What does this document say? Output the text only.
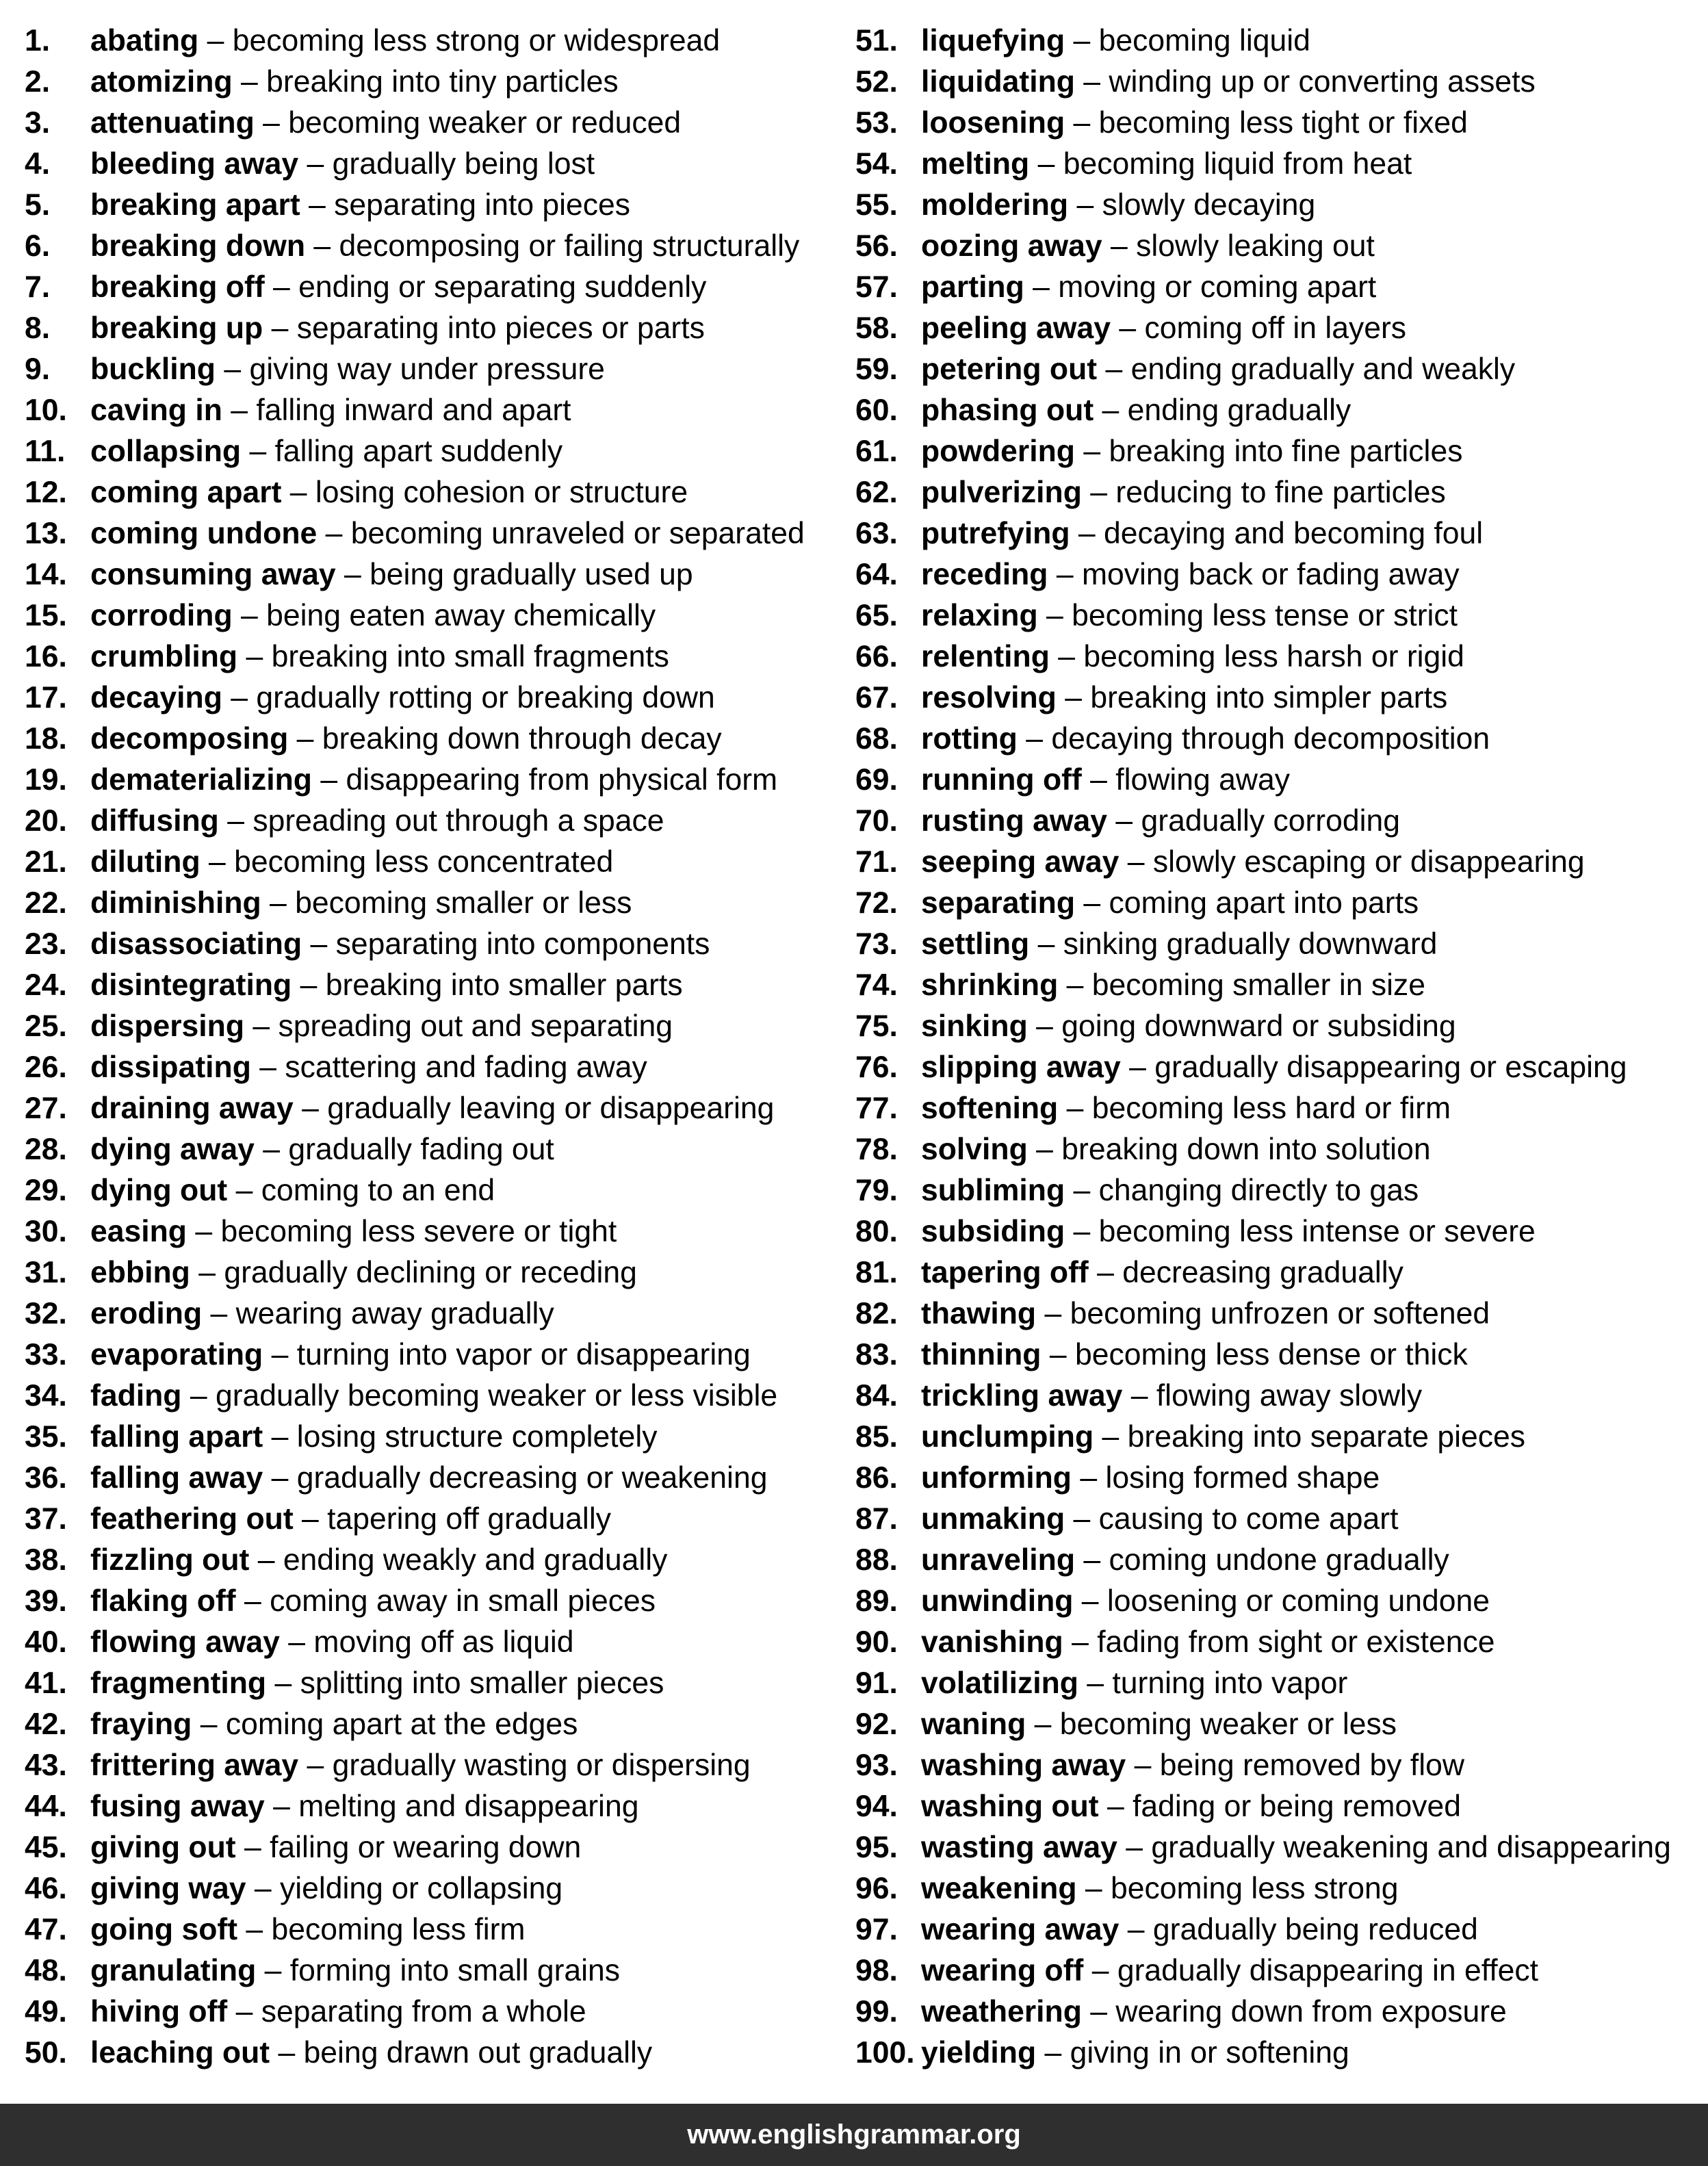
1.	abating – becoming less strong or widespread
2.	atomizing – breaking into tiny particles
3.	attenuating – becoming weaker or reduced
4.	bleeding away – gradually being lost
5.	breaking apart – separating into pieces
6.	breaking down – decomposing or failing structurally
7.	breaking off – ending or separating suddenly
8.	breaking up – separating into pieces or parts
9.	buckling – giving way under pressure
10. caving in – falling inward and apart
11. collapsing – falling apart suddenly
12. coming apart – losing cohesion or structure
13. coming undone – becoming unraveled or separated
14. consuming away – being gradually used up
15. corroding – being eaten away chemically
16. crumbling – breaking into small fragments
17. decaying – gradually rotting or breaking down
18. decomposing – breaking down through decay
19. dematerializing – disappearing from physical form
20. diffusing – spreading out through a space
21. diluting – becoming less concentrated
22. diminishing – becoming smaller or less
23. disassociating – separating into components
24. disintegrating – breaking into smaller parts
25. dispersing – spreading out and separating
26. dissipating – scattering and fading away
27. draining away – gradually leaving or disappearing
28. dying away – gradually fading out
29. dying out – coming to an end
30. easing – becoming less severe or tight
31. ebbing – gradually declining or receding
32. eroding – wearing away gradually
33. evaporating – turning into vapor or disappearing
34. fading – gradually becoming weaker or less visible
35. falling apart – losing structure completely
36. falling away – gradually decreasing or weakening
37. feathering out – tapering off gradually
38. fizzling out – ending weakly and gradually
39. flaking off – coming away in small pieces
40. flowing away – moving off as liquid
41. fragmenting – splitting into smaller pieces
42. fraying – coming apart at the edges
43. frittering away – gradually wasting or dispersing
44. fusing away – melting and disappearing
45. giving out – failing or wearing down
46. giving way – yielding or collapsing
47. going soft – becoming less firm
48. granulating – forming into small grains
49. hiving off – separating from a whole
50. leaching out – being drawn out gradually
51. liquefying – becoming liquid
52. liquidating – winding up or converting assets
53. loosening – becoming less tight or fixed
54. melting – becoming liquid from heat
55. moldering – slowly decaying
56. oozing away – slowly leaking out
57. parting – moving or coming apart
58. peeling away – coming off in layers
59. petering out – ending gradually and weakly
60. phasing out – ending gradually
61. powdering – breaking into fine particles
62. pulverizing – reducing to fine particles
63. putrefying – decaying and becoming foul
64. receding – moving back or fading away
65. relaxing – becoming less tense or strict
66. relenting – becoming less harsh or rigid
67. resolving – breaking into simpler parts
68. rotting – decaying through decomposition
69. running off – flowing away
70. rusting away – gradually corroding
71. seeping away – slowly escaping or disappearing
72. separating – coming apart into parts
73. settling – sinking gradually downward
74. shrinking – becoming smaller in size
75. sinking – going downward or subsiding
76. slipping away – gradually disappearing or escaping
77. softening – becoming less hard or firm
78. solving – breaking down into solution
79. subliming – changing directly to gas
80. subsiding – becoming less intense or severe
81. tapering off – decreasing gradually
82. thawing – becoming unfrozen or softened
83. thinning – becoming less dense or thick
84. trickling away – flowing away slowly
85. unclumping – breaking into separate pieces
86. unforming – losing formed shape
87. unmaking – causing to come apart
88. unraveling – coming undone gradually
89. unwinding – loosening or coming undone
90. vanishing – fading from sight or existence
91. volatilizing – turning into vapor
92. waning – becoming weaker or less
93. washing away – being removed by flow
94. washing out – fading or being removed
95. wasting away – gradually weakening and disappearing
96. weakening – becoming less strong
97. wearing away – gradually being reduced
98. wearing off – gradually disappearing in effect
99. weathering – wearing down from exposure
100. yielding – giving in or softening
www.englishgrammar.org
